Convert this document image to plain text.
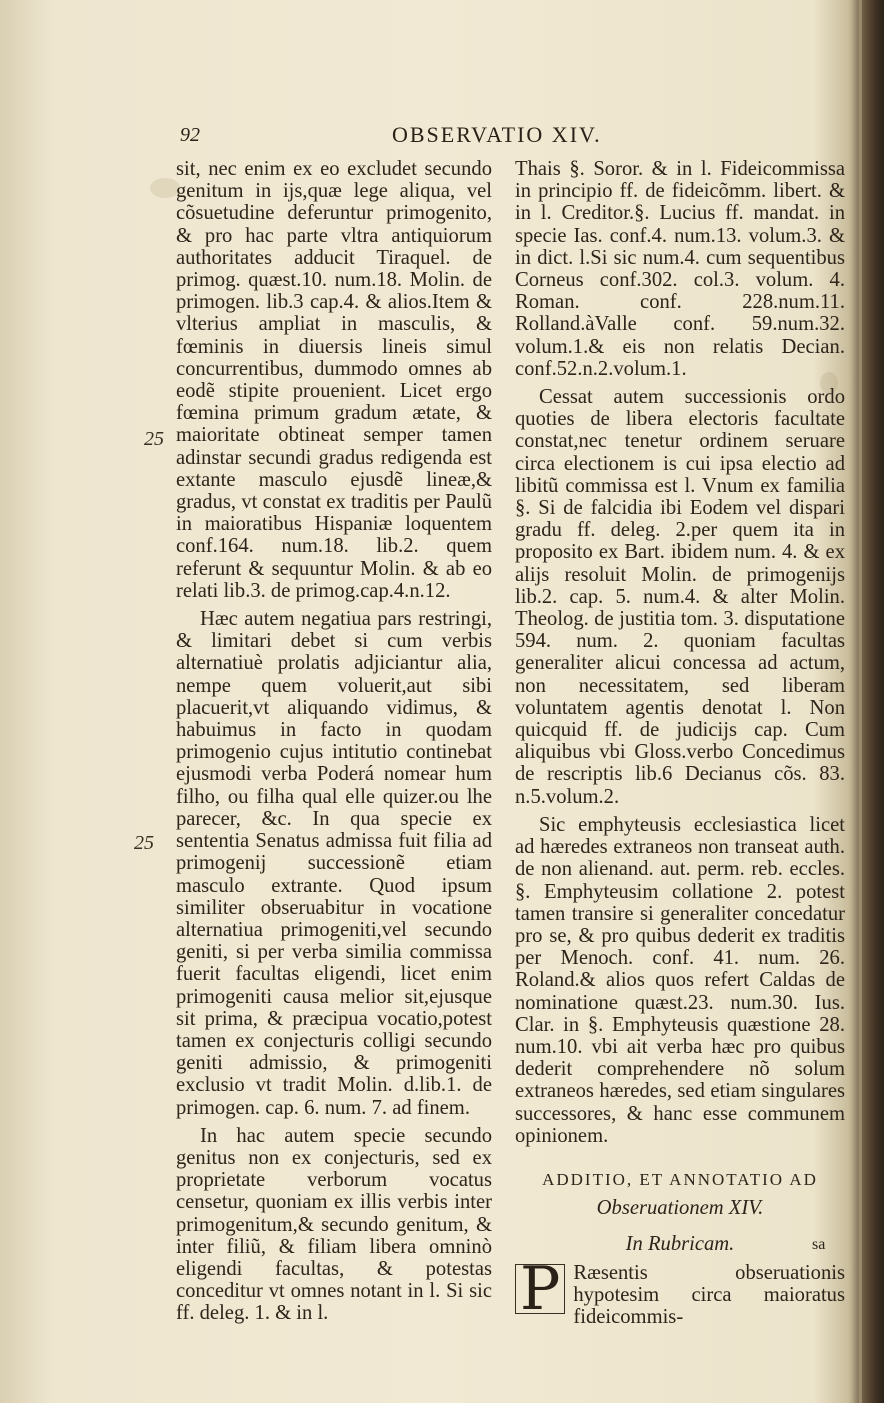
92	OBSERVATIO XIV.
25
25

sit, nec enim ex eo excludet secundo genitum in ijs,quæ lege aliqua, vel cõsuetudine deferuntur primogenito, & pro hac parte vltra antiquiorum authoritates adducit Tiraquel. de primog. quæst.10. num.18. Molin. de primogen. lib.3 cap.4. & alios.Item & vlterius ampliat in masculis, & fœminis in diuersis lineis simul concurrentibus, dummodo omnes ab eodẽ stipite prouenient. Licet ergo fœmina primum gradum ætate, & maioritate obtineat semper tamen adinstar secundi gradus redigenda est extante masculo ejusdẽ lineæ,& gradus, vt constat ex traditis per Paulũ in maioratibus Hispaniæ loquentem conf.164. num.18. lib.2. quem referunt & sequuntur Molin. & ab eo relati lib.3. de primog.cap.4.n.12.

Hæc autem negatiua pars restringi, & limitari debet si cum verbis alternatiuè prolatis adjiciantur alia, nempe quem voluerit,aut sibi placuerit,vt aliquando vidimus, & habuimus in facto in quodam primogenio cujus intitutio continebat ejusmodi verba Poderá nomear hum filho, ou filha qual elle quizer.ou lhe parecer, &c. In qua specie ex sententia Senatus admissa fuit filia ad primogenij successionẽ etiam masculo extrante. Quod ipsum similiter obseruabitur in vocatione alternatiua primogeniti,vel secundo geniti, si per verba similia commissa fuerit facultas eligendi, licet enim primogeniti causa melior sit,ejusque sit prima, & præcipua vocatio,potest tamen ex conjecturis colligi secundo geniti admissio, & primogeniti exclusio vt tradit Molin. d.lib.1. de primogen. cap. 6. num. 7. ad finem.

In hac autem specie secundo genitus non ex conjecturis, sed ex proprietate verborum vocatus censetur, quoniam ex illis verbis inter primogenitum,& secundo genitum, & inter filiũ, & filiam libera omninò eligendi facultas, & potestas conceditur vt omnes notant in l. Si sic ff. deleg. 1. & in l.

Thais §. Soror. & in l. Fideicommissa in principio ff. de fideicõmm. libert. & in l. Creditor.§. Lucius ff. mandat. in specie Ias. conf.4. num.13. volum.3. & in dict. l.Si sic num.4. cum sequentibus Corneus conf.302. col.3. volum. 4. Roman. conf. 228.num.11. Rolland.àValle conf. 59.num.32. volum.1.& eis non relatis Decian. conf.52.n.2.volum.1.

Cessat autem successionis ordo quoties de libera electoris facultate constat,nec tenetur ordinem seruare circa electionem is cui ipsa electio ad libitũ commissa est l. Vnum ex familia §. Si de falcidia ibi Eodem vel dispari gradu ff. deleg. 2.per quem ita in proposito ex Bart. ibidem num. 4. & ex alijs resoluit Molin. de primogenijs lib.2. cap. 5. num.4. & alter Molin. Theolog. de justitia tom. 3. disputatione 594. num. 2. quoniam facultas generaliter alicui concessa ad actum, non necessitatem, sed liberam voluntatem agentis denotat l. Non quicquid ff. de judicijs cap. Cum aliquibus vbi Gloss.verbo Concedimus de rescriptis lib.6 Decianus cõs. 83. n.5.volum.2.

Sic emphyteusis ecclesiastica licet ad hæredes extraneos non transeat auth. de non alienand. aut. perm. reb. eccles. §. Emphyteusim collatione 2. potest tamen transire si generaliter concedatur pro se, & pro quibus dederit ex traditis per Menoch. conf. 41. num. 26. Roland.& alios quos refert Caldas de nominatione quæst.23. num.30. Ius. Clar. in §. Emphyteusis quæstione 28. num.10. vbi ait verba hæc pro quibus dederit comprehendere nõ solum extraneos hæredes, sed etiam singulares successores, & hanc esse communem opinionem.

ADDITIO, ET ANNOTATIO AD

Obseruationem XIV.

In Rubricam.

P Ræsentis obseruationis hypotesim circa maioratus fideicommis-

sa
